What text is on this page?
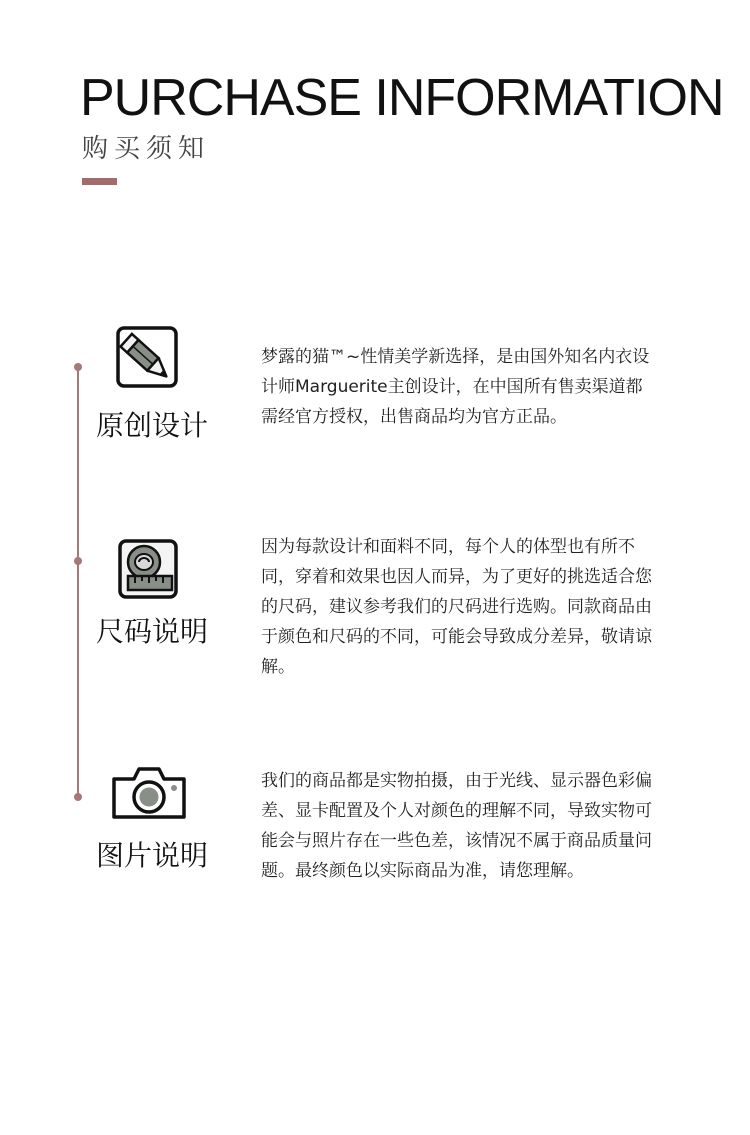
PURCHASE INFORMATION
购买须知
原创设计
梦露的猫™~性情美学新选择，是由国外知名内衣设计师Marguerite主创设计，在中国所有售卖渠道都需经官方授权，出售商品均为官方正品。
尺码说明
因为每款设计和面料不同，每个人的体型也有所不同，穿着和效果也因人而异，为了更好的挑选适合您的尺码，建议参考我们的尺码进行选购。同款商品由于颜色和尺码的不同，可能会导致成分差异，敬请谅解。
图片说明
我们的商品都是实物拍摄，由于光线、显示器色彩偏差、显卡配置及个人对颜色的理解不同，导致实物可能会与照片存在一些色差，该情况不属于商品质量问题。最终颜色以实际商品为准，请您理解。
